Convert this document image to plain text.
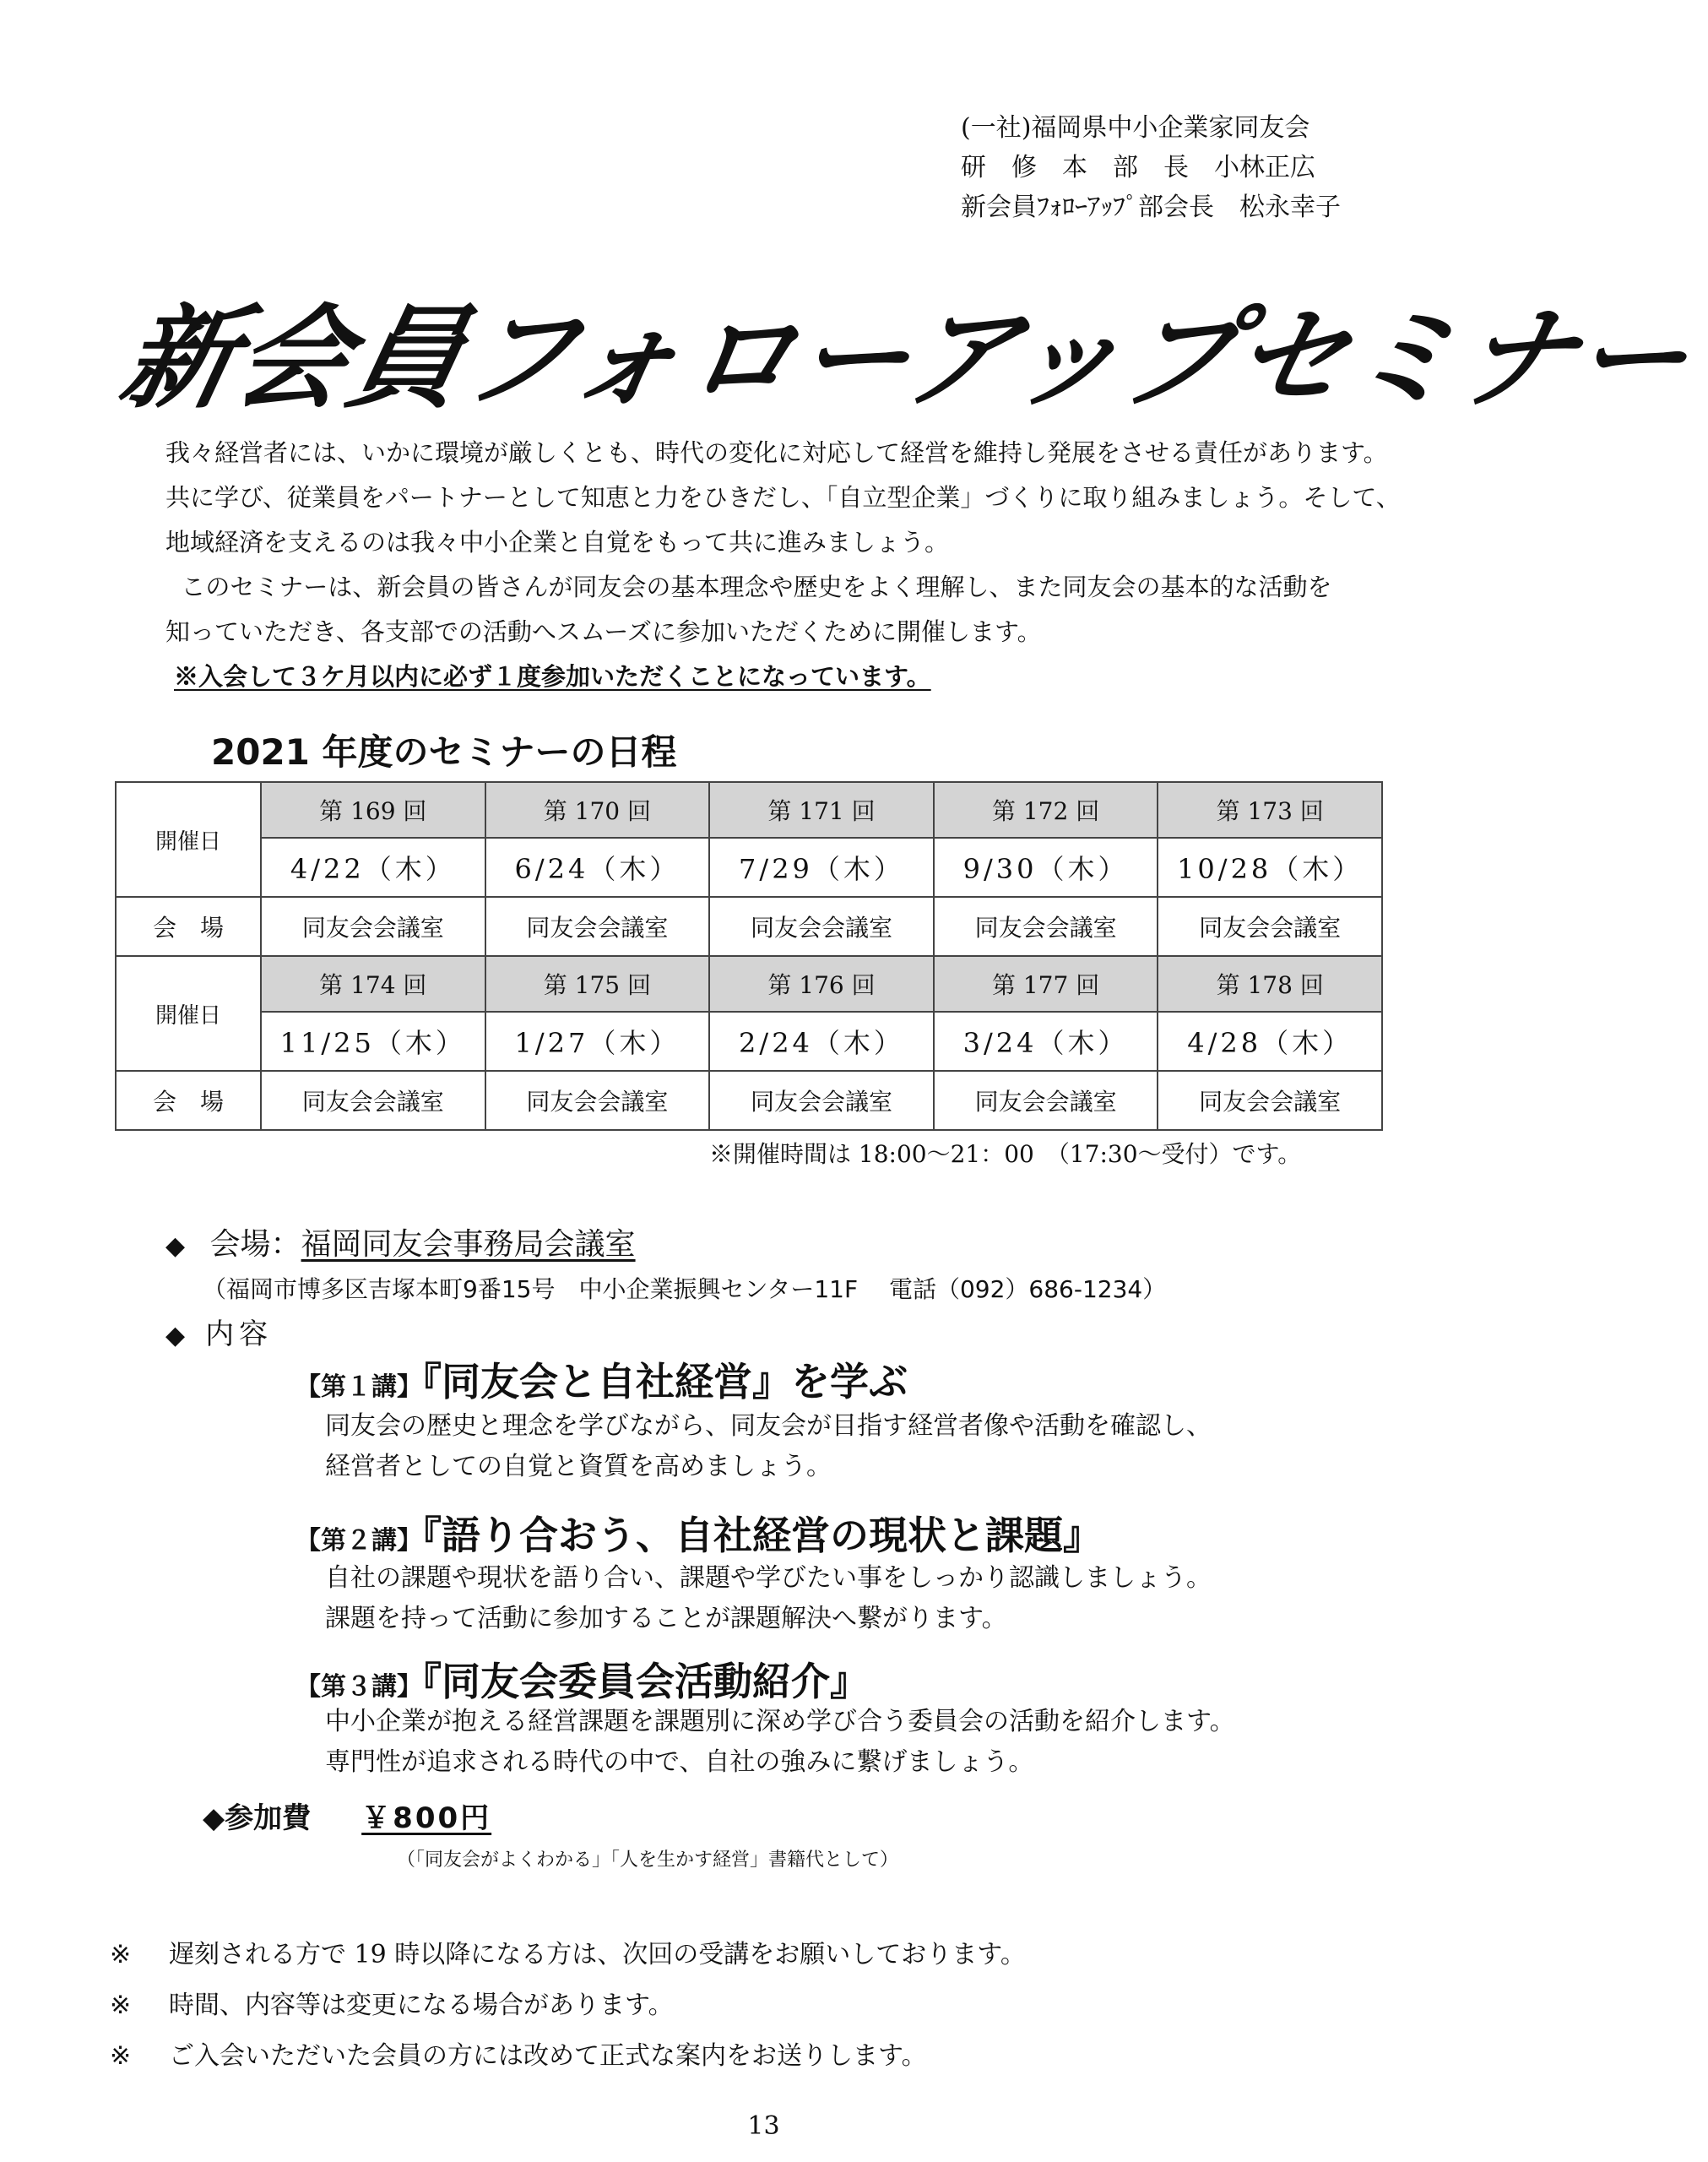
(一社)福岡県中小企業家同友会
研　修　本　部　長　小林正広
新会員ﾌｫﾛｰｱｯﾌﾟ部会長　松永幸子
新会員フォローアップセミナー
我々経営者には、いかに環境が厳しくとも、時代の変化に対応して経営を維持し発展をさせる責任があります。
共に学び、従業員をパートナーとして知恵と力をひきだし、「自立型企業」づくりに取り組みましょう。そして、
地域経済を支えるのは我々中小企業と自覚をもって共に進みましょう。
このセミナーは、新会員の皆さんが同友会の基本理念や歴史をよく理解し、また同友会の基本的な活動を
知っていただき、各支部での活動へスムーズに参加いただくために開催します。
※入会して３ケ月以内に必ず１度参加いただくことになっています。
2021 年度のセミナーの日程
開催日	第 169 回	第 170 回	第 171 回	第 172 回	第 173 回
	4/22（木）	6/24（木）	7/29（木）	9/30（木）	10/28（木）
会　場	同友会会議室	同友会会議室	同友会会議室	同友会会議室	同友会会議室
開催日	第 174 回	第 175 回	第 176 回	第 177 回	第 178 回
	11/25（木）	1/27（木）	2/24（木）	3/24（木）	4/28（木）
会　場	同友会会議室	同友会会議室	同友会会議室	同友会会議室	同友会会議室
※開催時間は 18:00～21：00　（17:30～受付）です。
◆ 会場：福岡同友会事務局会議室
（福岡市博多区吉塚本町9番15号　中小企業振興センター11F　 電話（092）686-1234）
◆ 内容
【第１講】『同友会と自社経営』を学ぶ
同友会の歴史と理念を学びながら、同友会が目指す経営者像や活動を確認し、
経営者としての自覚と資質を高めましょう。
【第２講】『語り合おう、自社経営の現状と課題』
自社の課題や現状を語り合い、課題や学びたい事をしっかり認識しましょう。
課題を持って活動に参加することが課題解決へ繋がります。
【第３講】『同友会委員会活動紹介』
中小企業が抱える経営課題を課題別に深め学び合う委員会の活動を紹介します。
専門性が追求される時代の中で、自社の強みに繋げましょう。
◆参加費 ￥800円
（「同友会がよくわかる」「人を生かす経営」書籍代として）
※ 遅刻される方で 19 時以降になる方は、次回の受講をお願いしております。
※ 時間、内容等は変更になる場合があります。
※ ご入会いただいた会員の方には改めて正式な案内をお送りします。
13
